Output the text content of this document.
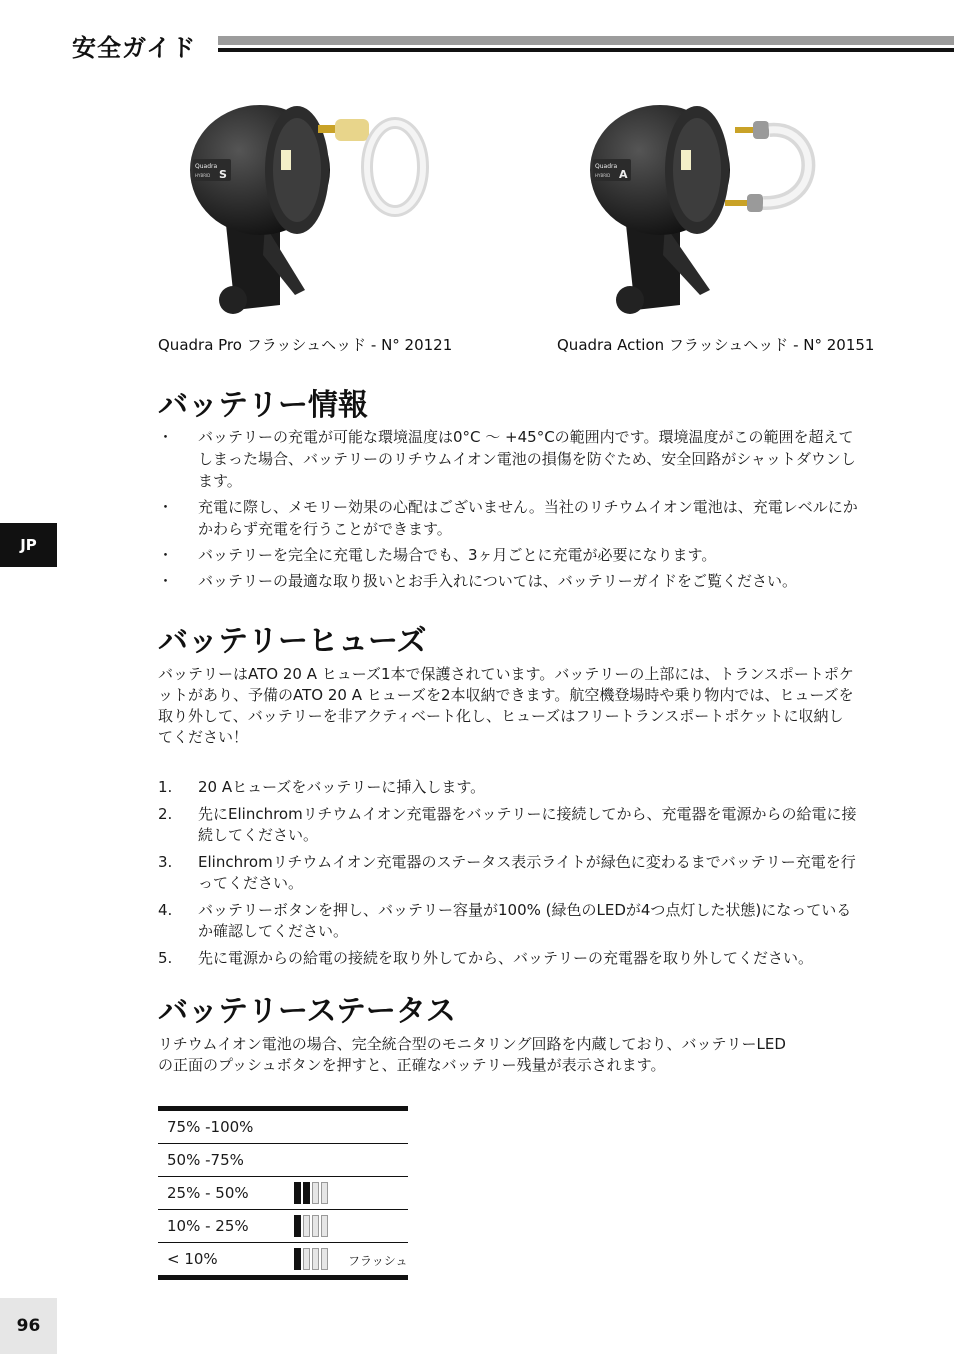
安全ガイド
Quadra
HYBRID S
Quadra Pro フラッシュヘッド - N° 20121
Quadra
HYBRID A
Quadra Action フラッシュヘッド - N° 20151
バッテリー情報
・ バッテリーの充電が可能な環境温度は0°C 〜 +45°Cの範囲内です。環境温度がこの範囲を超えてしまった場合、バッテリーのリチウムイオン電池の損傷を防ぐため、安全回路がシャットダウンします。
・ 充電に際し、メモリー効果の心配はございません。当社のリチウムイオン電池は、充電レベルにかかわらず充電を行うことができます。
・ バッテリーを完全に充電した場合でも、3ヶ月ごとに充電が必要になります。
・ バッテリーの最適な取り扱いとお手入れについては、バッテリーガイドをご覧ください。
JP
バッテリーヒューズ
バッテリーはATO 20 A ヒューズ1本で保護されています。バッテリーの上部には、トランスポートポケットがあり、予備のATO 20 A ヒューズを2本収納できます。航空機登場時や乗り物内では、ヒューズを取り外して、バッテリーを非アクティベート化し、ヒューズはフリートランスポートポケットに収納してください！
1. 20 Aヒューズをバッテリーに挿入します。
2. 先にElinchromリチウムイオン充電器をバッテリーに接続してから、充電器を電源からの給電に接続してください。
3. Elinchromリチウムイオン充電器のステータス表示ライトが緑色に変わるまでバッテリー充電を行ってください。
4. バッテリーボタンを押し、バッテリー容量が100% (緑色のLEDが4つ点灯した状態)になっているか確認してください。
5. 先に電源からの給電の接続を取り外してから、バッテリーの充電器を取り外してください。
バッテリーステータス
リチウムイオン電池の場合、完全統合型のモニタリング回路を内蔵しており、バッテリーLED
の正面のプッシュボタンを押すと、正確なバッテリー残量が表示されます。
75% -100%
50% -75%
25% - 50%
10% - 25%
< 10%	フラッシュ
96
